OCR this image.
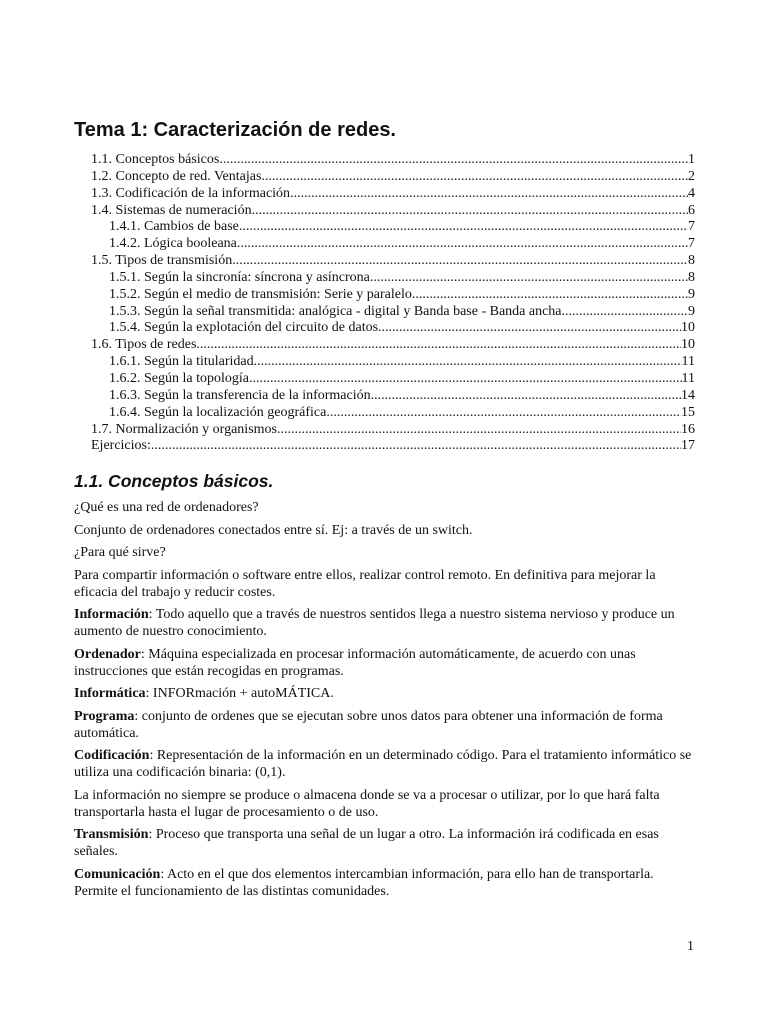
Tema 1: Caracterización de redes.
1.1. Conceptos básicos .....	1
1.2. Concepto de red. Ventajas .....	2
1.3. Codificación de la información .....	4
1.4. Sistemas de numeración .....	6
1.4.1. Cambios de base .....	7
1.4.2. Lógica booleana .....	7
1.5. Tipos de transmisión .....	8
1.5.1. Según la sincronía: síncrona y asíncrona .....	8
1.5.2. Según el medio de transmisión: Serie y paralelo .....	9
1.5.3. Según la señal transmitida: analógica - digital y Banda base - Banda ancha .....	9
1.5.4. Según la explotación del circuito de datos .....	10
1.6. Tipos de redes .....	10
1.6.1. Según la titularidad .....	11
1.6.2. Según la topología .....	11
1.6.3. Según la transferencia de la información .....	14
1.6.4. Según la localización geográfica .....	15
1.7. Normalización y organismos .....	16
Ejercicios: .....	17
1.1. Conceptos básicos.

¿Qué es una red de ordenadores?

Conjunto de ordenadores conectados entre sí. Ej: a través de un switch.

¿Para qué sirve?

Para compartir información o software entre ellos, realizar control remoto. En definitiva para mejorar la eficacia del trabajo y reducir costes.

Información: Todo aquello que a través de nuestros sentidos llega a nuestro sistema nervioso y produce un aumento de nuestro conocimiento.

Ordenador: Máquina especializada en procesar información automáticamente, de acuerdo con unas instrucciones que están recogidas en programas.

Informática: INFORmación + autoMÁTICA.

Programa: conjunto de ordenes que se ejecutan sobre unos datos para obtener una información de forma automática.

Codificación: Representación de la información en un determinado código. Para el tratamiento informático se utiliza una codificación binaria: (0,1).

La información no siempre se produce o almacena donde se va a procesar o utilizar, por lo que hará falta transportarla hasta el lugar de procesamiento o de uso.

Transmisión: Proceso que transporta una señal de un lugar a otro. La información irá codificada en esas señales.

Comunicación: Acto en el que dos elementos intercambian información, para ello han de transportarla. Permite el funcionamiento de las distintas comunidades.

1
